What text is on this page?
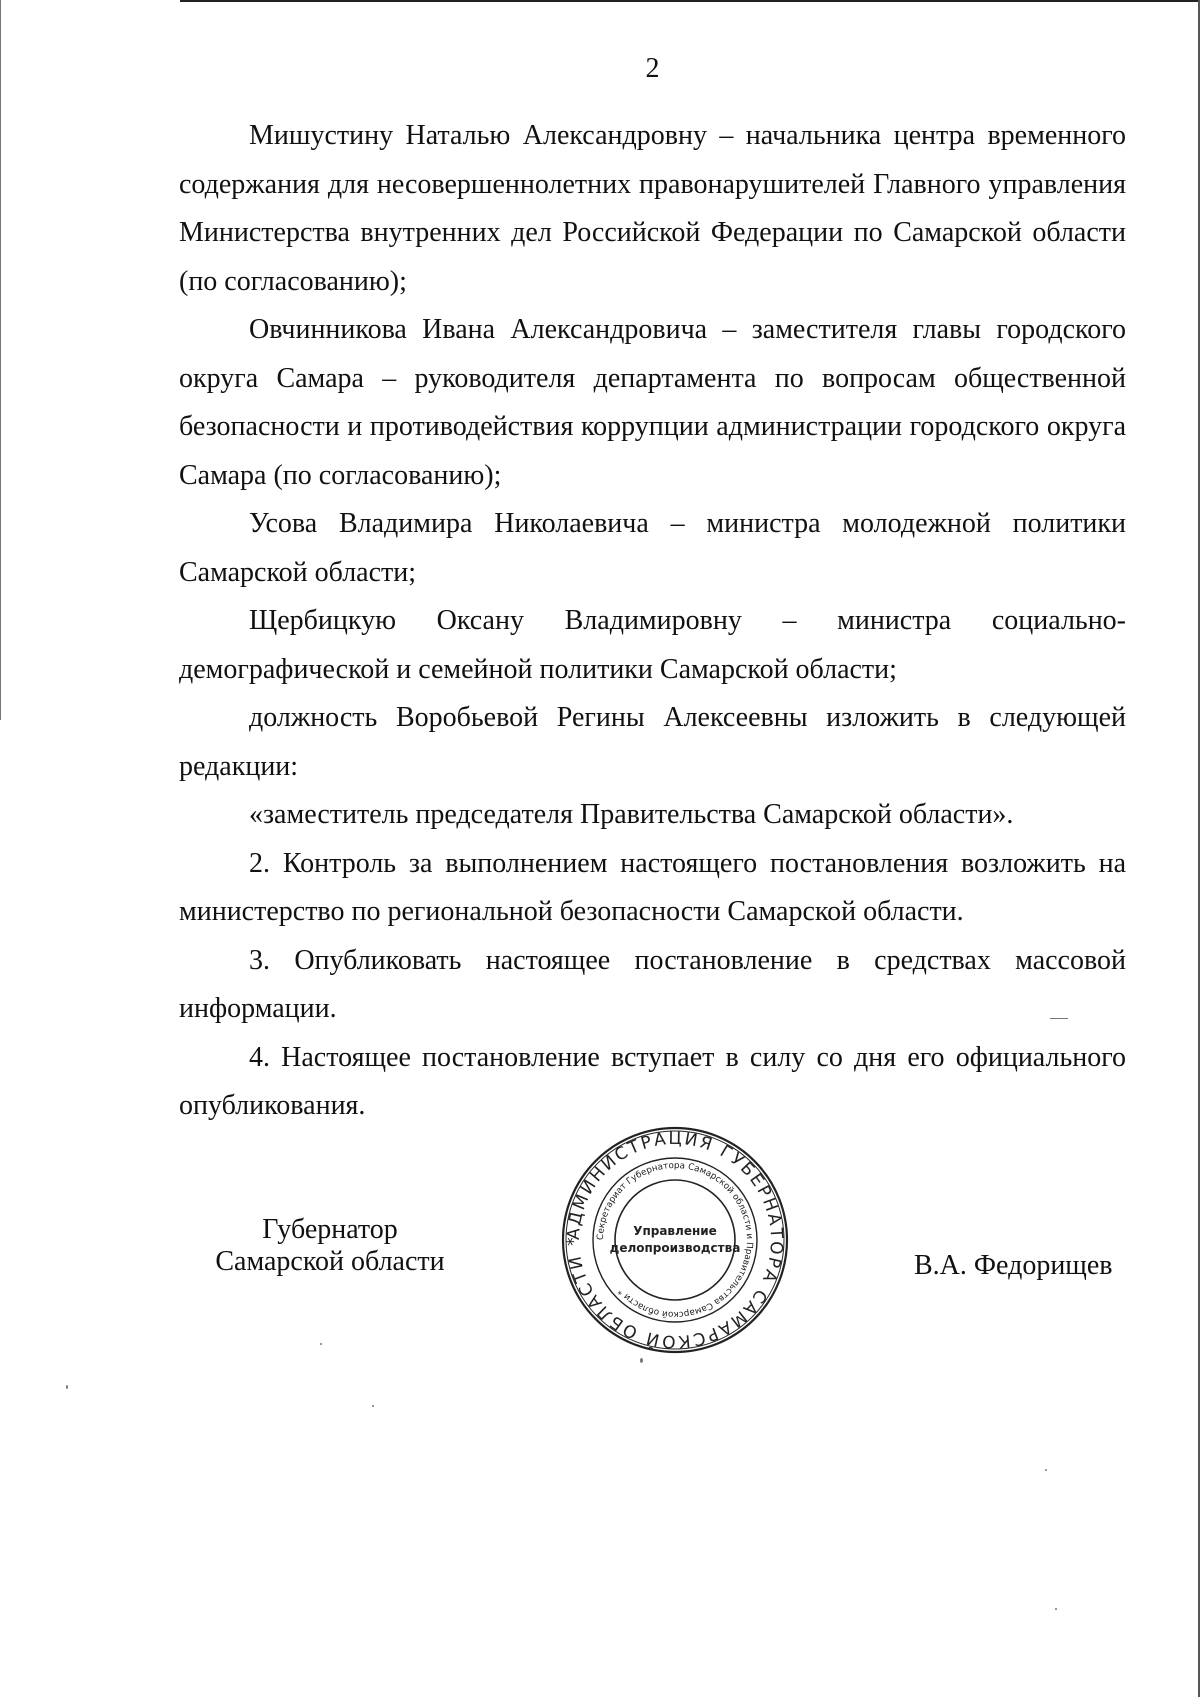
2

Мишустину Наталью Александровну – начальника центра временного содержания для несовершеннолетних правонарушителей Главного управления Министерства внутренних дел Российской Федерации по Самарской области (по согласованию);

Овчинникова Ивана Александровича – заместителя главы городского округа Самара – руководителя департамента по вопросам общественной безопасности и противодействия коррупции администрации городского округа Самара (по согласованию);

Усова Владимира Николаевича – министра молодежной политики Самарской области;

Щербицкую Оксану Владимировну – министра социально-демографической и семейной политики Самарской области;

должность Воробьевой Регины Алексеевны изложить в следующей редакции:

«заместитель председателя Правительства Самарской области».

2. Контроль за выполнением настоящего постановления возложить на министерство по региональной безопасности Самарской области.

3. Опубликовать настоящее постановление в средствах массовой информации.

4. Настоящее постановление вступает в силу со дня его официального опубликования.

Губернатор
Самарской области
АДМИНИСТРАЦИЯ ГУБЕРНАТОРА САМАРСКОЙ ОБЛАСТИ *	Секретариат Губернатора Самарской области и Правительства Самарской области *
Управление
делопроизводства
В.А. Федорищев
